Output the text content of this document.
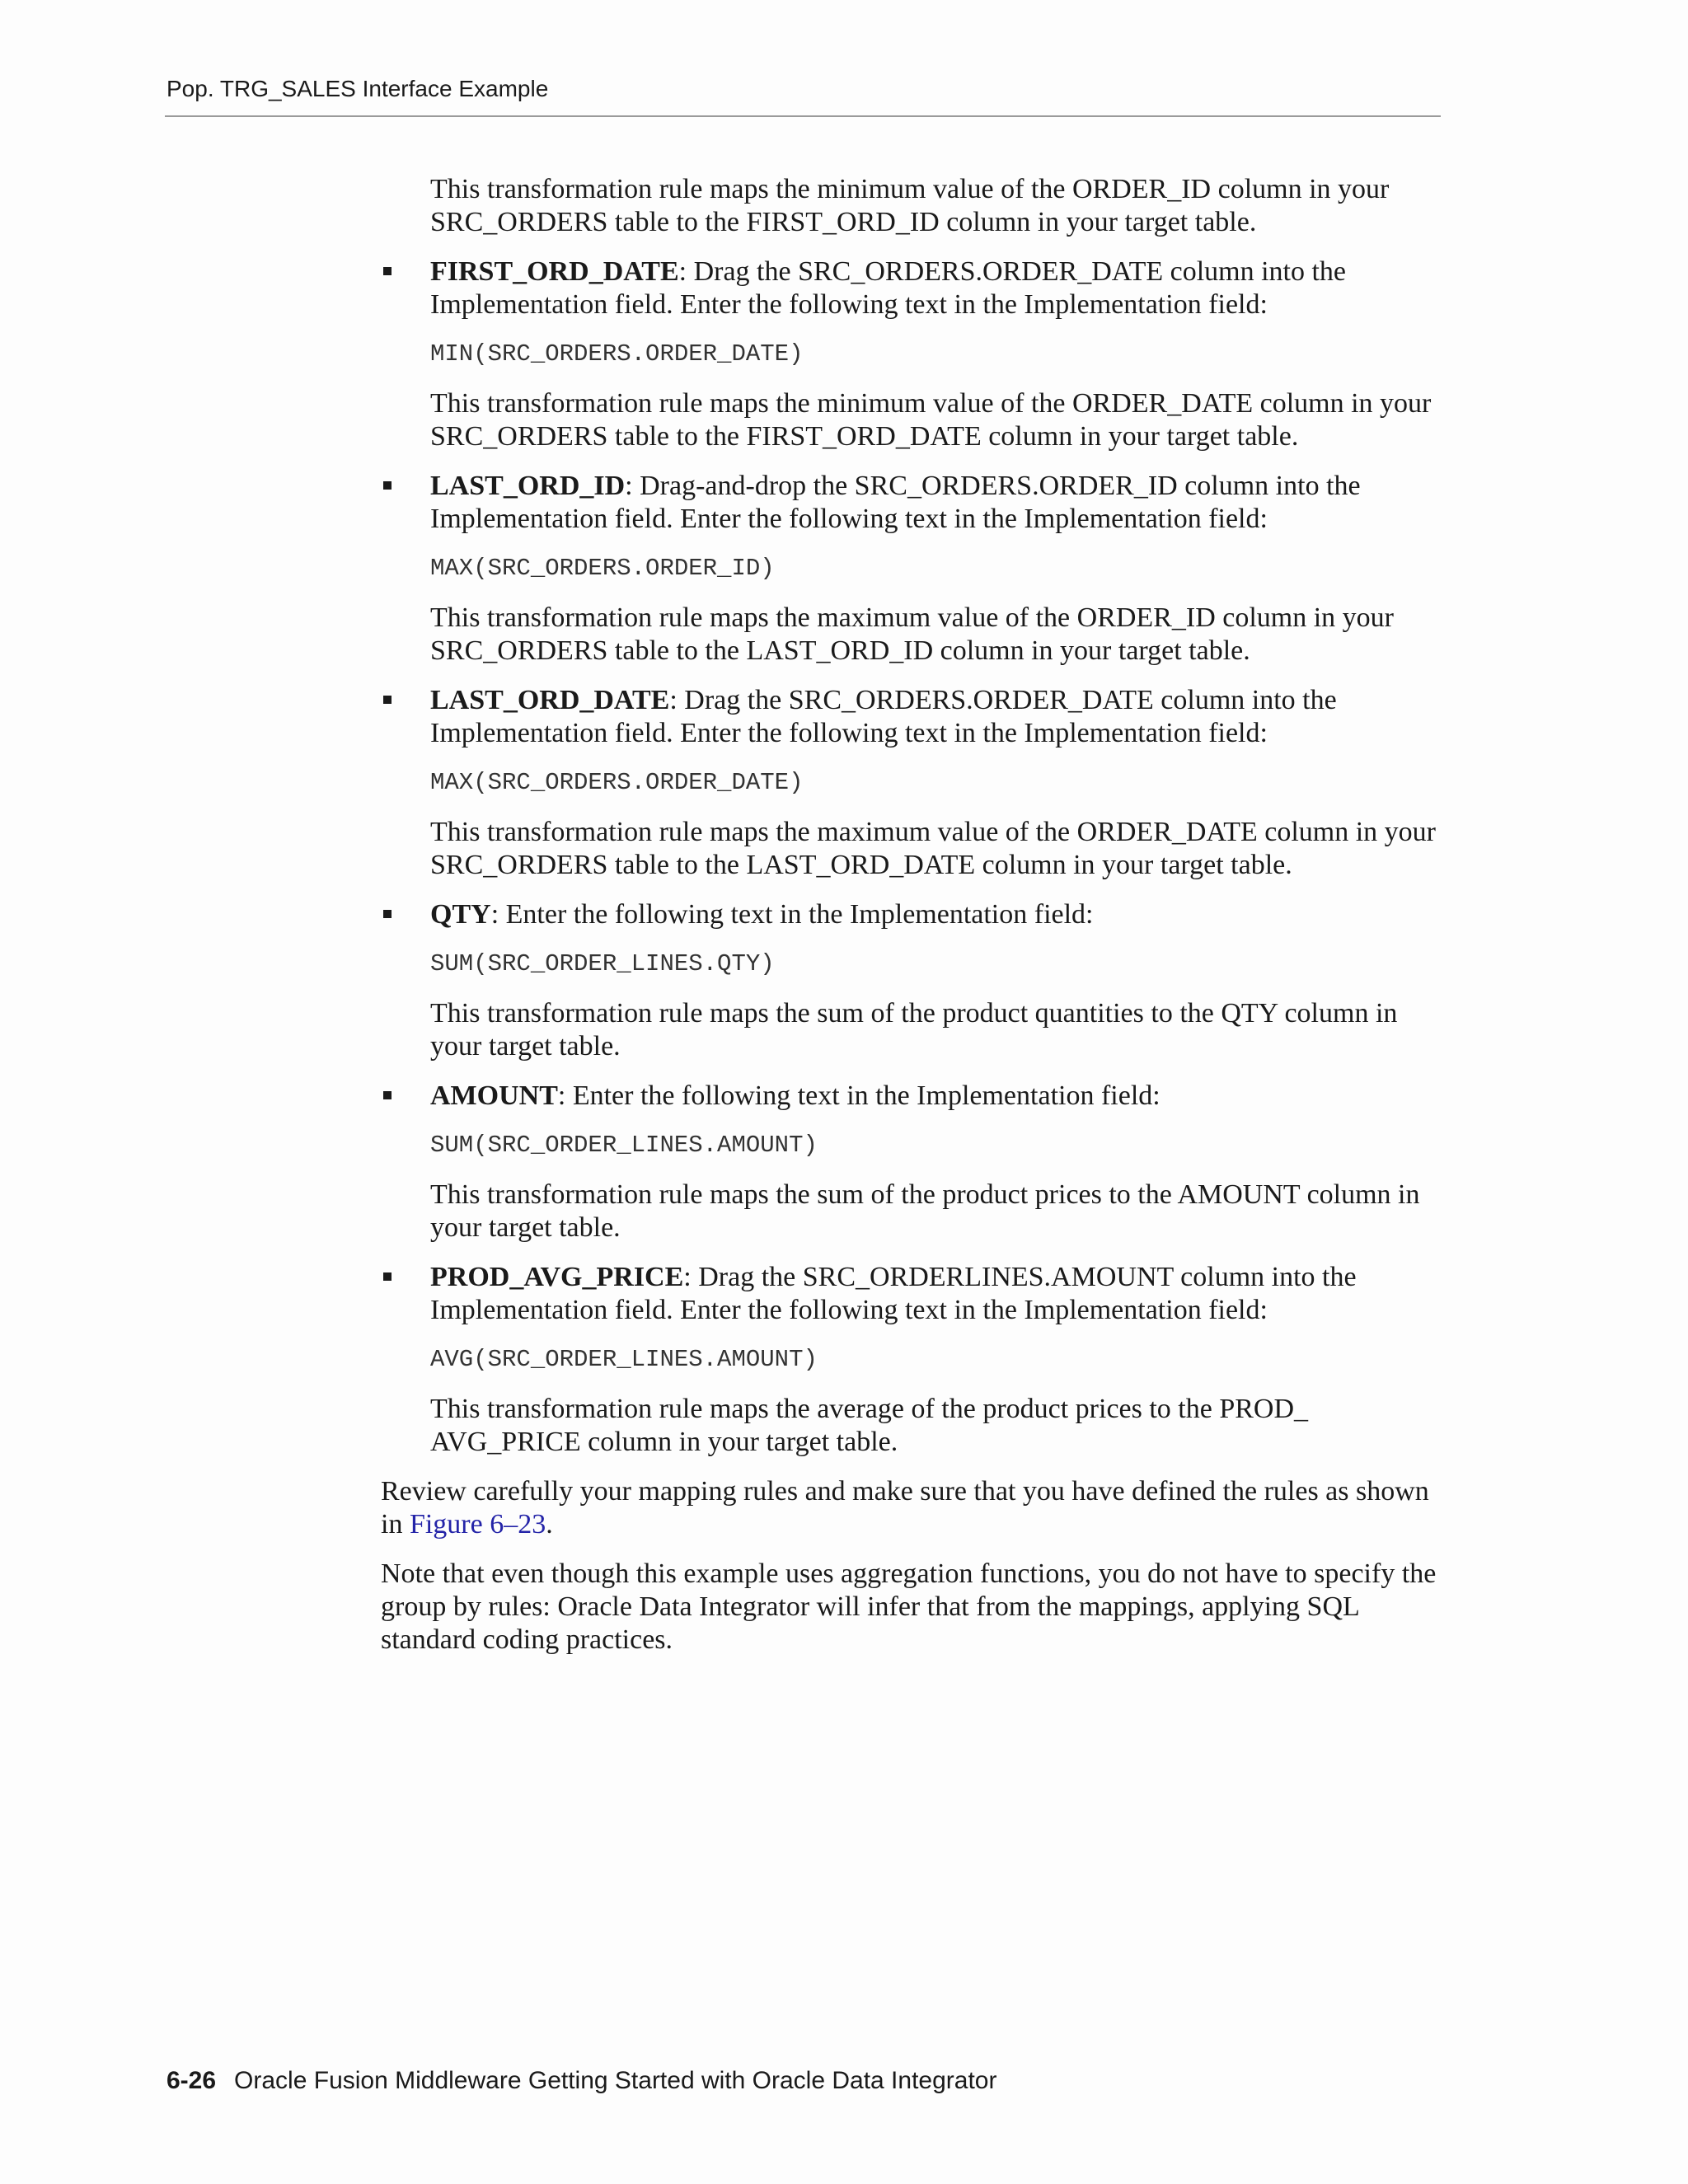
Pop. TRG_SALES Interface Example

This transformation rule maps the minimum value of the ORDER_ID column in your SRC_ORDERS table to the FIRST_ORD_ID column in your target table.

FIRST_ORD_DATE: Drag the SRC_ORDERS.ORDER_DATE column into the Implementation field. Enter the following text in the Implementation field:
MIN(SRC_ORDERS.ORDER_DATE)

This transformation rule maps the minimum value of the ORDER_DATE column in your SRC_ORDERS table to the FIRST_ORD_DATE column in your target table.

LAST_ORD_ID: Drag-and-drop the SRC_ORDERS.ORDER_ID column into the Implementation field. Enter the following text in the Implementation field:
MAX(SRC_ORDERS.ORDER_ID)

This transformation rule maps the maximum value of the ORDER_ID column in your SRC_ORDERS table to the LAST_ORD_ID column in your target table.

LAST_ORD_DATE: Drag the SRC_ORDERS.ORDER_DATE column into the Implementation field. Enter the following text in the Implementation field:
MAX(SRC_ORDERS.ORDER_DATE)

This transformation rule maps the maximum value of the ORDER_DATE column in your SRC_ORDERS table to the LAST_ORD_DATE column in your target table.

QTY: Enter the following text in the Implementation field:
SUM(SRC_ORDER_LINES.QTY)

This transformation rule maps the sum of the product quantities to the QTY column in your target table.

AMOUNT: Enter the following text in the Implementation field:
SUM(SRC_ORDER_LINES.AMOUNT)

This transformation rule maps the sum of the product prices to the AMOUNT column in your target table.

PROD_AVG_PRICE: Drag the SRC_ORDERLINES.AMOUNT column into the Implementation field. Enter the following text in the Implementation field:
AVG(SRC_ORDER_LINES.AMOUNT)

This transformation rule maps the average of the product prices to the PROD_ AVG_PRICE column in your target table.

Review carefully your mapping rules and make sure that you have defined the rules as shown in Figure 6–23.

Note that even though this example uses aggregation functions, you do not have to specify the group by rules: Oracle Data Integrator will infer that from the mappings, applying SQL standard coding practices.

6-26 Oracle Fusion Middleware Getting Started with Oracle Data Integrator
